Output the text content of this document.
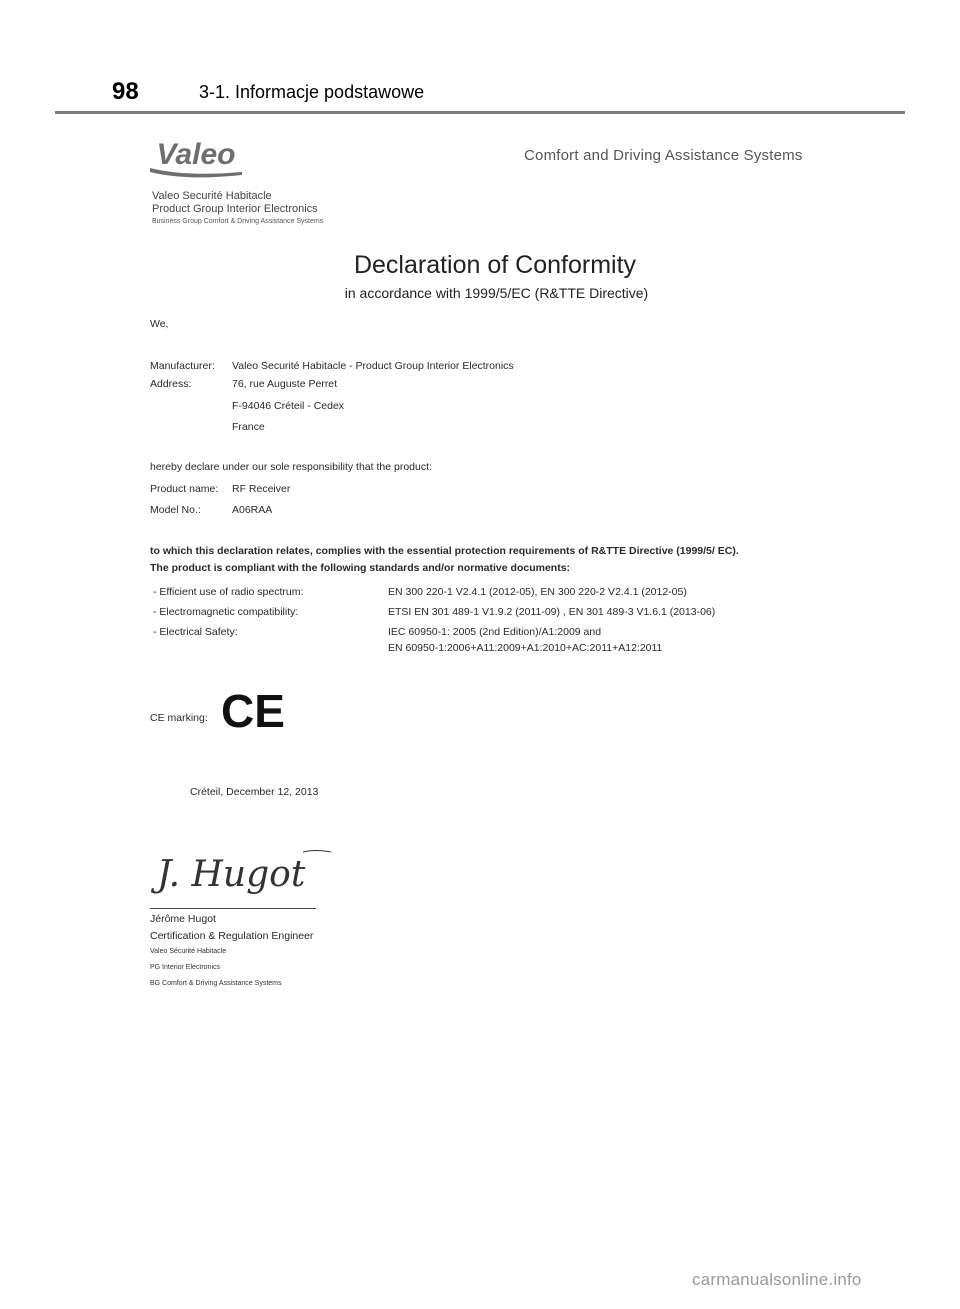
98	3-1. Informacje podstawowe
Valeo	Comfort and Driving Assistance Systems
Valeo Securité Habitacle
Product Group Interior Electronics
Business Group Comfort & Driving Assistance Systems
Declaration of Conformity
in accordance with 1999/5/EC (R&TTE Directive)
We,
Manufacturer: Valeo Securité Habitacle - Product Group Interior Electronics
Address:	76, rue Auguste Perret
F-94046 Créteil - Cedex
France
hereby declare under our sole responsibility that the product:
Product name: RF Receiver
Model No.:	A06RAA
to which this declaration relates, complies with the essential protection requirements of R&TTE Directive (1999/5/ EC).
The product is compliant with the following standards and/or normative documents:
- Efficient use of radio spectrum:	EN 300 220-1 V2.4.1 (2012-05), EN 300 220-2 V2.4.1 (2012-05)
- Electromagnetic compatibility:	ETSI EN 301 489-1 V1.9.2 (2011-09) , EN 301 489-3 V1.6.1 (2013-06)
- Electrical Safety:	IEC 60950-1: 2005 (2nd Edition)/A1:2009 and
EN 60950-1:2006+A11:2009+A1:2010+AC:2011+A12:2011
CE marking: CE
Créteil, December 12, 2013
J. Hugot
Jérôme Hugot
Certification & Regulation Engineer
Valeo Sécurité Habitacle
PG Interior Electronics
BG Comfort & Driving Assistance Systems
carmanualsonline.info
